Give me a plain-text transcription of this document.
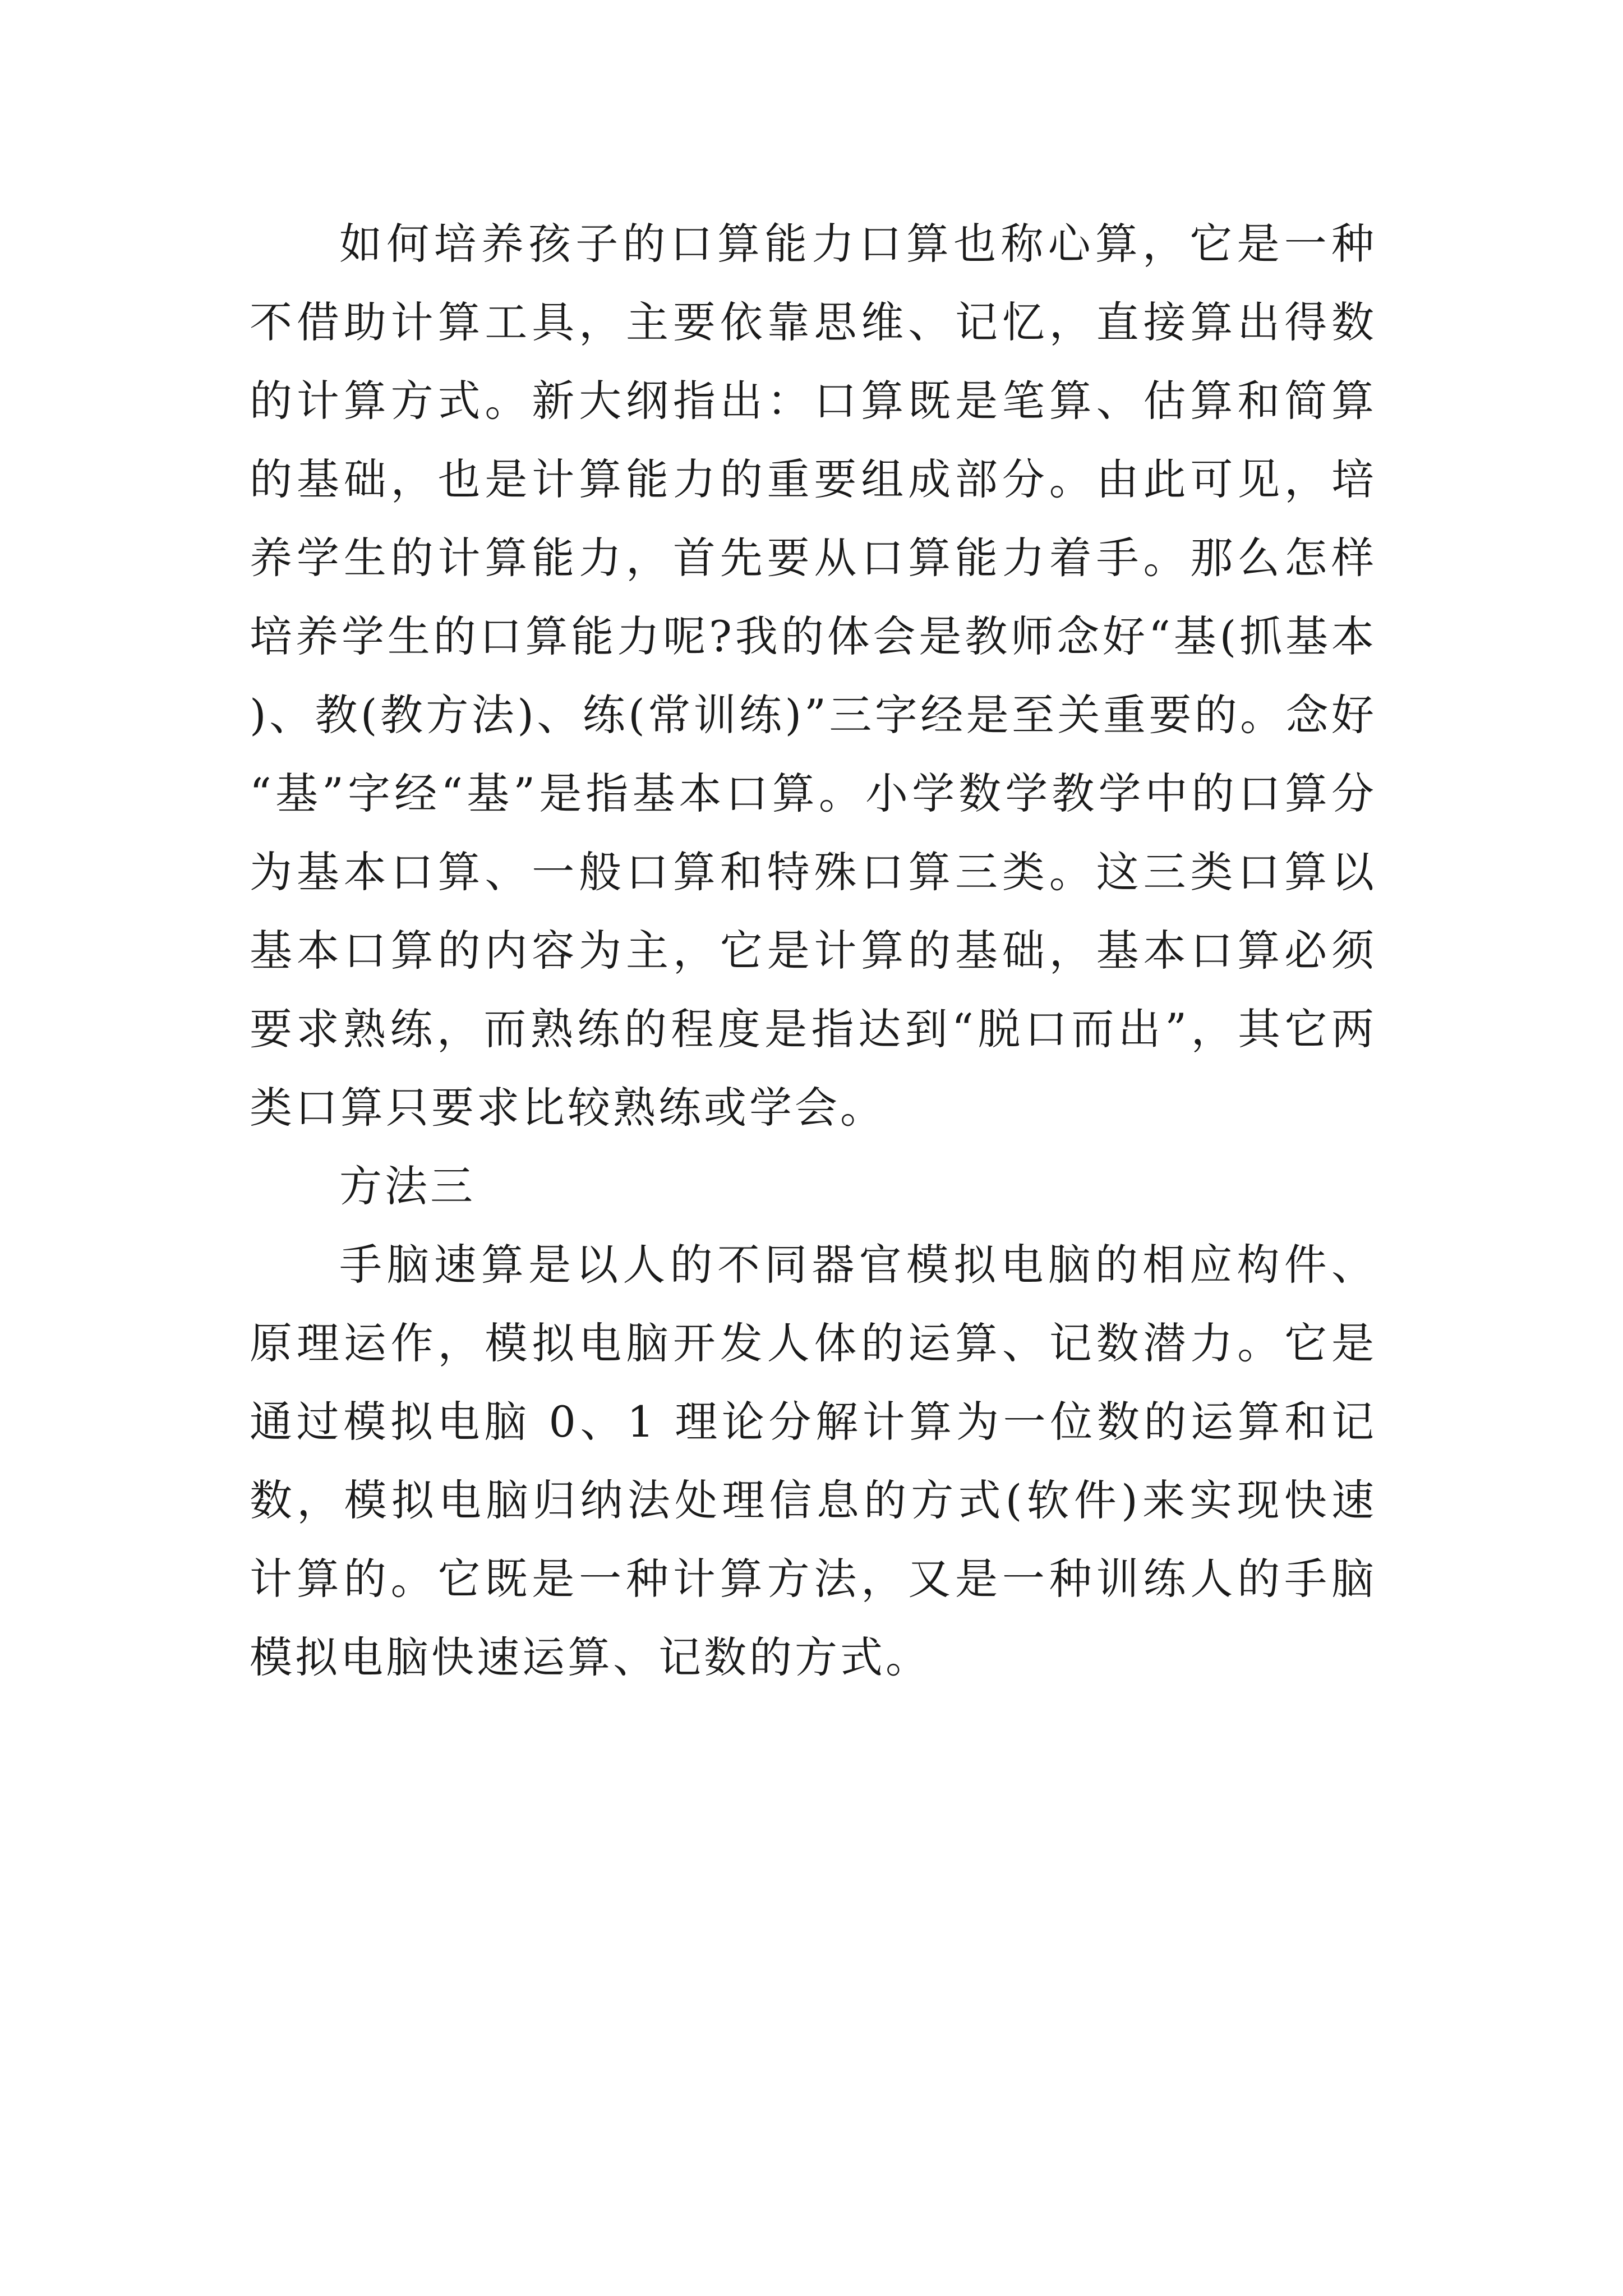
如何培养孩子的口算能力口算也称心算，它是一种不借助计算工具，主要依靠思维、记忆，直接算出得数的计算方式。新大纲指出：口算既是笔算、估算和简算的基础，也是计算能力的重要组成部分。由此可见，培养学生的计算能力，首先要从口算能力着手。那么怎样培养学生的口算能力呢?我的体会是教师念好“基(抓基本)、教(教方法)、练(常训练)”三字经是至关重要的。念好“基”字经“基”是指基本口算。小学数学教学中的口算分为基本口算、一般口算和特殊口算三类。这三类口算以基本口算的内容为主，它是计算的基础，基本口算必须要求熟练，而熟练的程度是指达到“脱口而出”，其它两类口算只要求比较熟练或学会。

方法三

手脑速算是以人的不同器官模拟电脑的相应构件、原理运作，模拟电脑开发人体的运算、记数潜力。它是通过模拟电脑 0、1 理论分解计算为一位数的运算和记数，模拟电脑归纳法处理信息的方式(软件)来实现快速计算的。它既是一种计算方法，又是一种训练人的手脑模拟电脑快速运算、记数的方式。
